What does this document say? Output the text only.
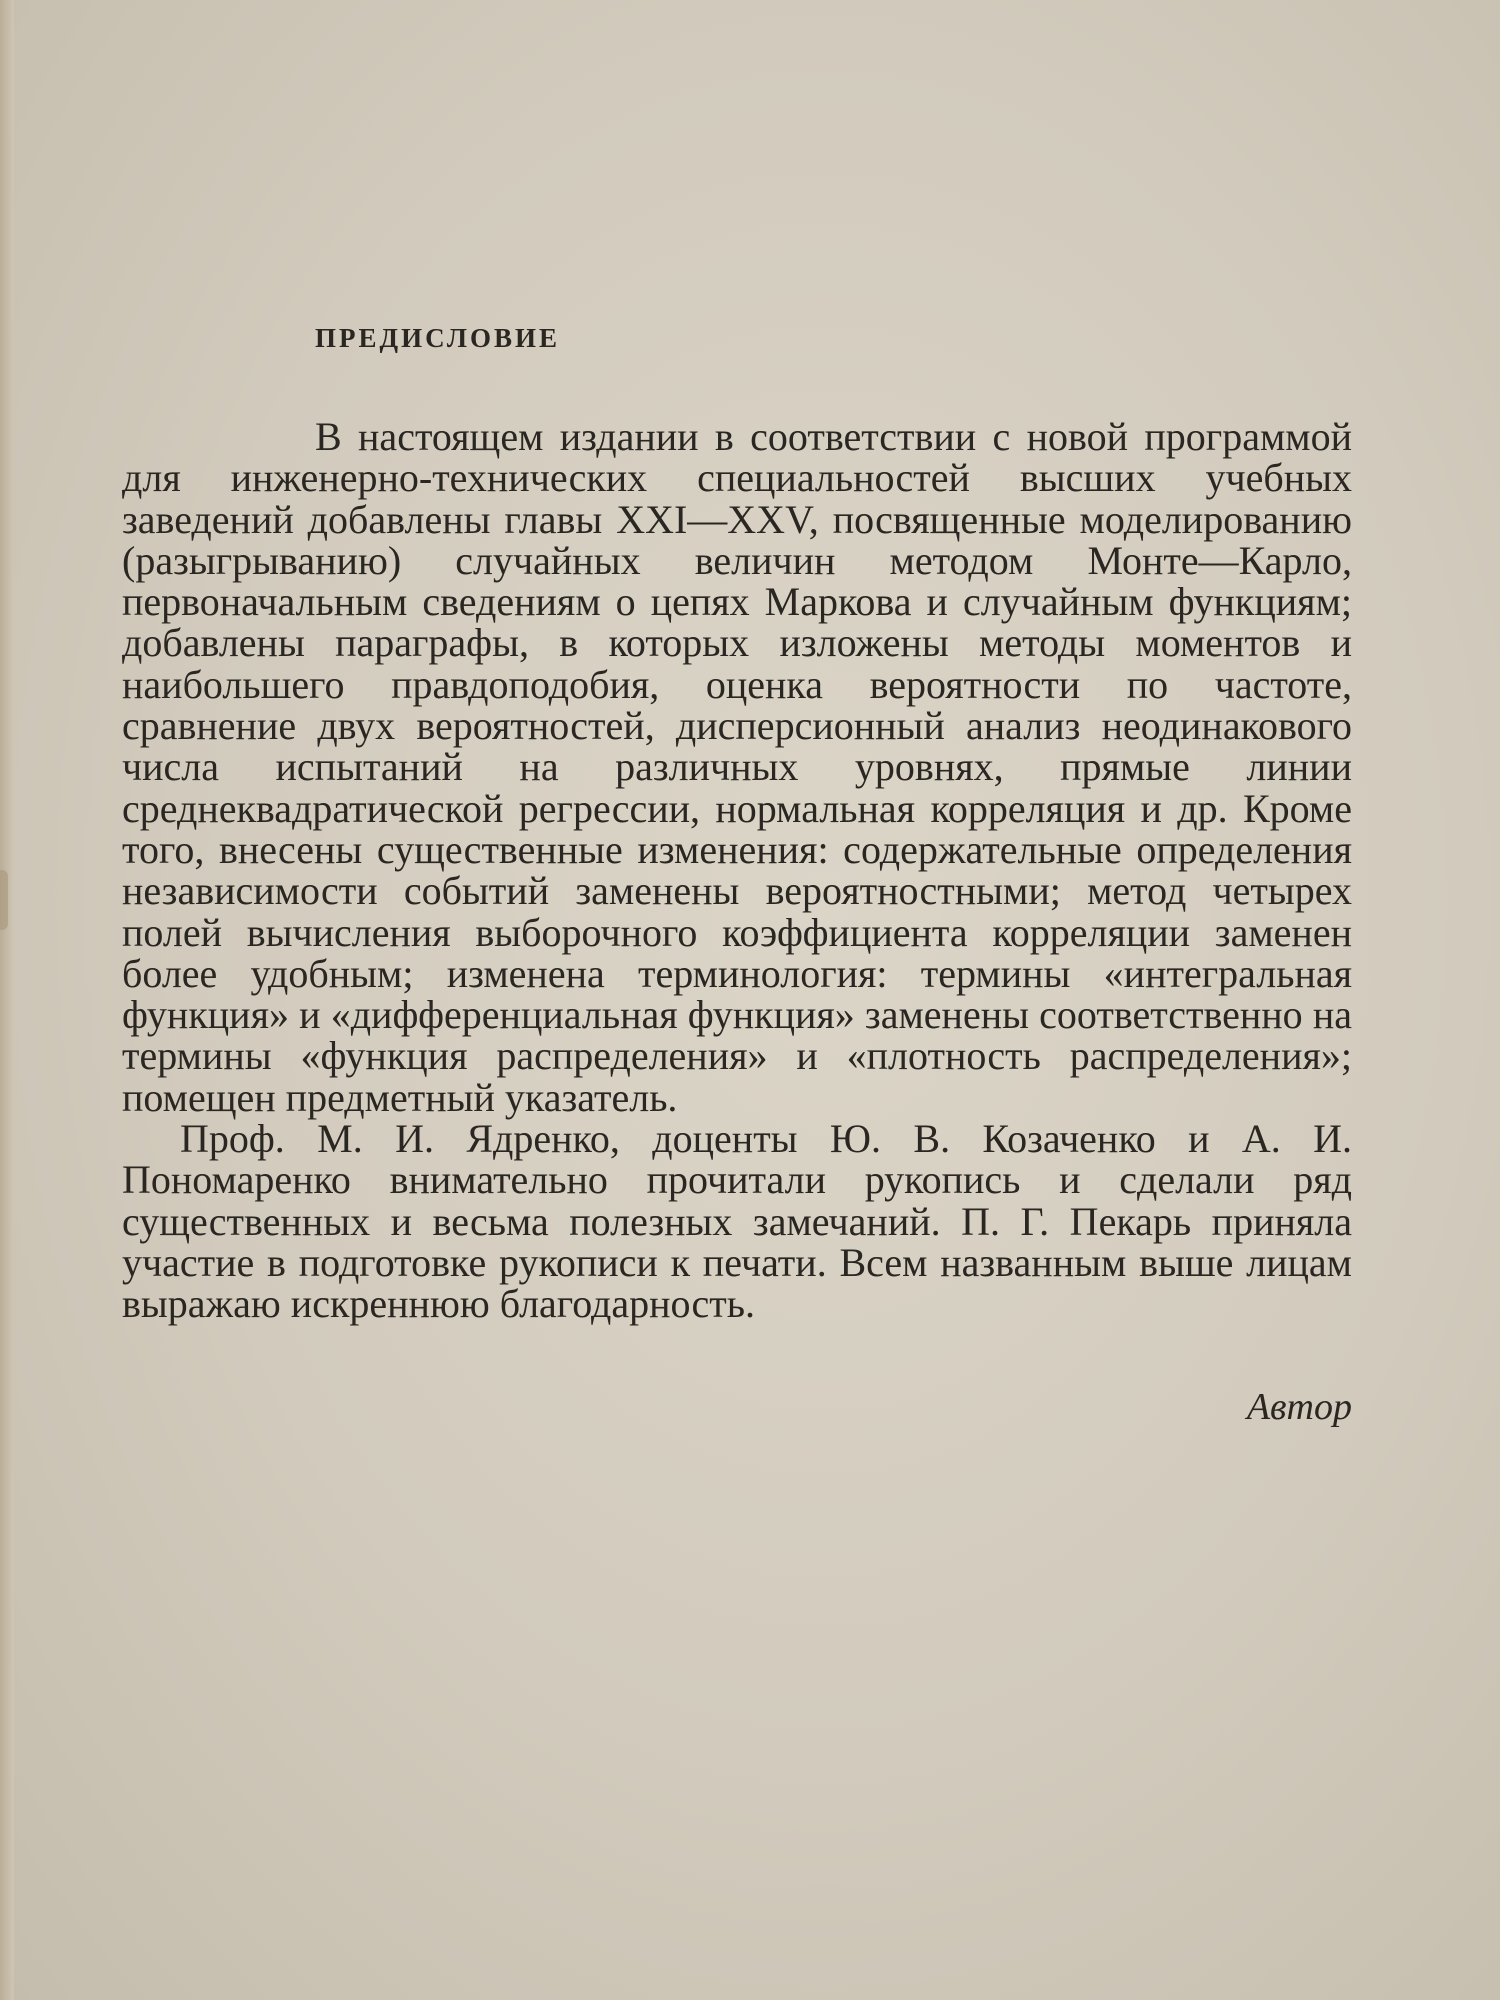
ПРЕДИСЛОВИЕ

В настоящем издании в соответствии с новой программой для инженерно-технических специальностей высших учебных заведений добавлены главы XXI—XXV, посвященные моделированию (разыгрыванию) случайных величин методом Монте—Карло, первоначальным сведениям о цепях Маркова и случайным функциям; добавлены параграфы, в которых изложены методы моментов и наибольшего правдоподобия, оценка вероятности по частоте, сравнение двух вероятностей, дисперсионный анализ неодинакового числа испытаний на различных уровнях, прямые линии среднеквадратической регрессии, нормальная корреляция и др. Кроме того, внесены существенные изменения: содержательные определения независимости событий заменены вероятностными; метод четырех полей вычисления выборочного коэффициента корреляции заменен более удобным; изменена терминология: термины «интегральная функция» и «дифференциальная функция» заменены соответственно на термины «функция распределения» и «плотность распределения»; помещен предметный указатель.

Проф. М. И. Ядренко, доценты Ю. В. Козаченко и А. И. Пономаренко внимательно прочитали рукопись и сделали ряд существенных и весьма полезных замечаний. П. Г. Пекарь приняла участие в подготовке рукописи к печати. Всем названным выше лицам выражаю искреннюю благодарность.

Автор
